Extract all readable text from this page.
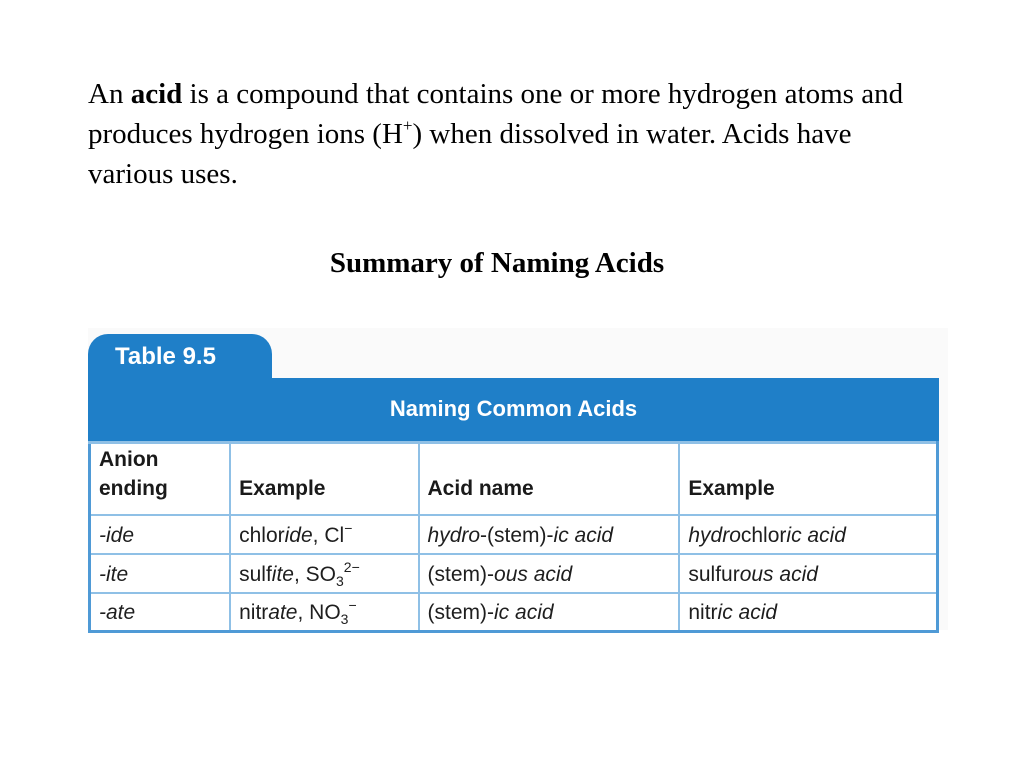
An acid is a compound that contains one or more hydrogen atoms and produces hydrogen ions (H+) when dissolved in water. Acids have various uses.

Summary of Naming Acids
Table 9.5
Naming Common Acids
Anion
ending	Example	Acid name	Example
-ide	chloride, Cl−	hydro-(stem)-ic acid	hydrochloric acid
-ite	sulfite, $SO_3^{2-}$	(stem)-ous acid	sulfurous acid
-ate	nitrate, $NO_3^-$	(stem)-ic acid	nitric acid
